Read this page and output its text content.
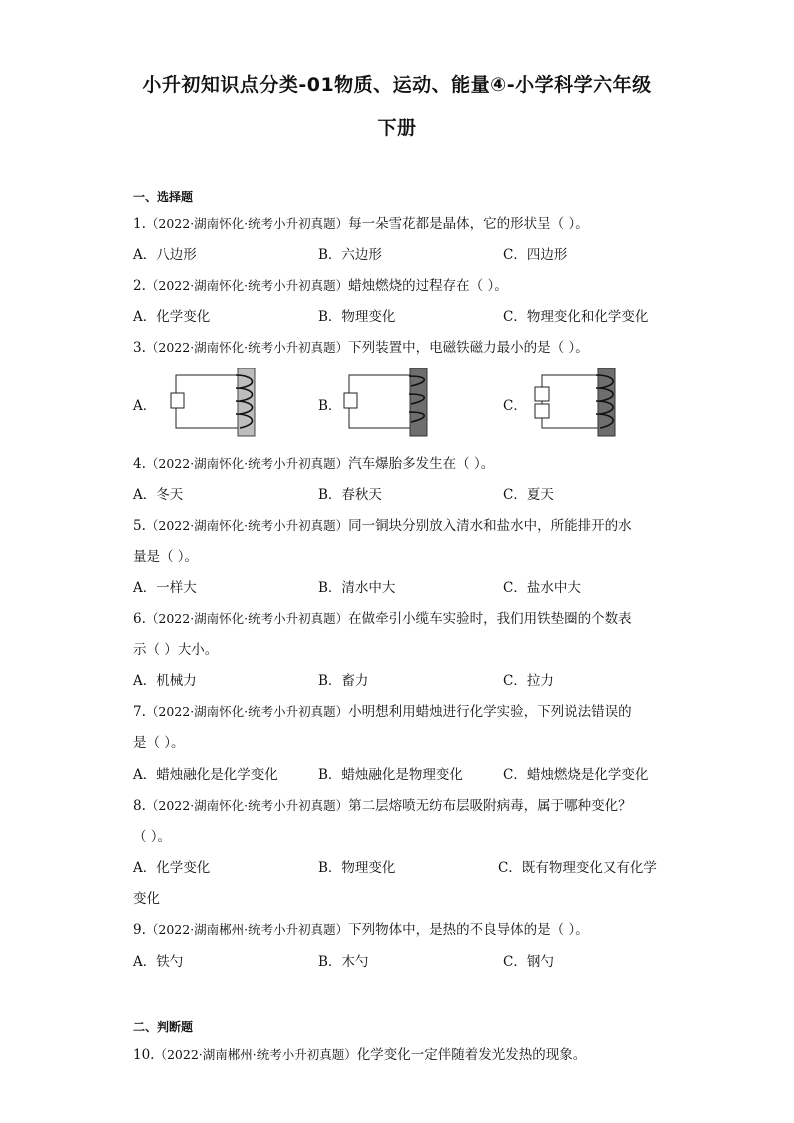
小升初知识点分类-01物质、运动、能量④-小学科学六年级
下册
一、选择题
1.（2022·湖南怀化·统考小升初真题）每一朵雪花都是晶体，它的形状呈（ ）。
A．八边形	B．六边形	C．四边形
2.（2022·湖南怀化·统考小升初真题）蜡烛燃烧的过程存在（ ）。
A．化学变化	B．物理变化	C．物理变化和化学变化
3.（2022·湖南怀化·统考小升初真题）下列装置中，电磁铁磁力最小的是（ ）。
A．	B．	C．
4.（2022·湖南怀化·统考小升初真题）汽车爆胎多发生在（ ）。
A．冬天	B．春秋天	C．夏天
5.（2022·湖南怀化·统考小升初真题）同一铜块分别放入清水和盐水中，所能排开的水
量是（ ）。
A．一样大	B．清水中大	C．盐水中大
6.（2022·湖南怀化·统考小升初真题）在做牵引小缆车实验时，我们用铁垫圈的个数表
示（ ）大小。
A．机械力	B．畜力	C．拉力
7.（2022·湖南怀化·统考小升初真题）小明想利用蜡烛进行化学实验，下列说法错误的
是（ ）。
A．蜡烛融化是化学变化	B．蜡烛融化是物理变化	C．蜡烛燃烧是化学变化
8.（2022·湖南怀化·统考小升初真题）第二层熔喷无纺布层吸附病毒，属于哪种变化？
（ ）。
A．化学变化	B．物理变化	C．既有物理变化又有化学
变化
9.（2022·湖南郴州·统考小升初真题）下列物体中，是热的不良导体的是（ ）。
A．铁勺	B．木勺	C．钢勺
二、判断题
10.（2022·湖南郴州·统考小升初真题）化学变化一定伴随着发光发热的现象。
